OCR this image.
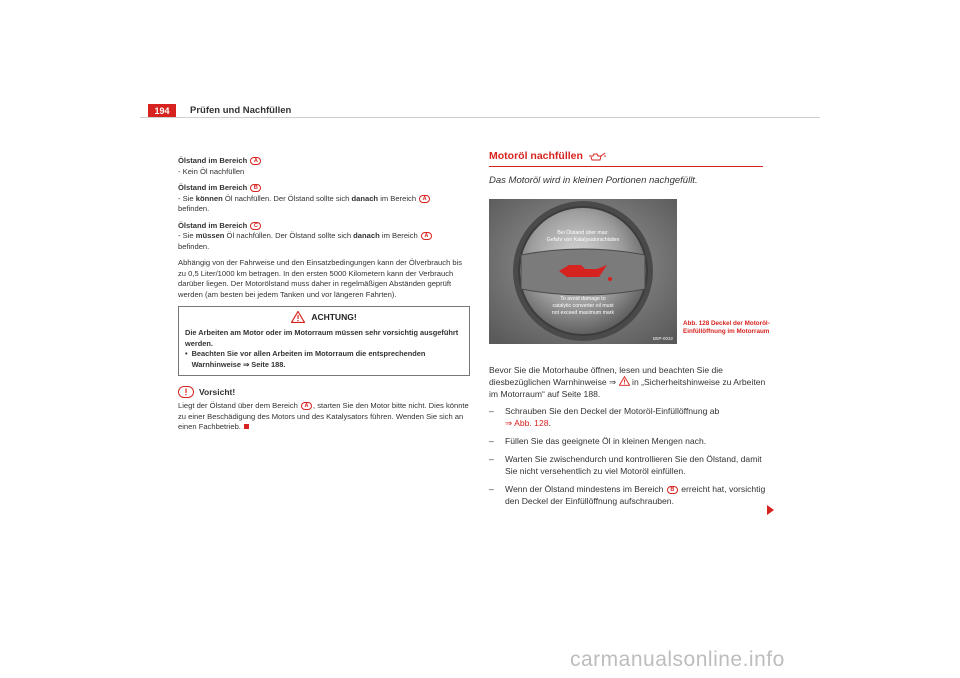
194	Prüfen und Nachfüllen

Ölstand im Bereich A
- Kein Öl nachfüllen

Ölstand im Bereich B
- Sie können Öl nachfüllen. Der Ölstand sollte sich danach im Bereich A
befinden.

Ölstand im Bereich C
- Sie müssen Öl nachfüllen. Der Ölstand sollte sich danach im Bereich A
befinden.

Abhängig von der Fahrweise und den Einsatzbedingungen kann der Ölverbrauch bis zu 0,5 Liter/1000 km betragen. In den ersten 5000 Kilometern kann der Verbrauch darüber liegen. Der Motorölstand muss daher in regelmäßigen Abständen geprüft werden (am besten bei jedem Tanken und vor längeren Fahrten).

ACHTUNG!
Die Arbeiten am Motor oder im Motorraum müssen sehr vorsichtig ausgeführt werden.
• Beachten Sie vor allen Arbeiten im Motorraum die entsprechenden Warnhinweise ⇒ Seite 188.
Vorsicht!

Liegt der Ölstand über dem Bereich A , starten Sie den Motor bitte nicht. Dies könnte zu einer Beschädigung des Motors und des Katalysators führen. Wenden Sie sich an einen Fachbetrieb.

Motoröl nachfüllen
Das Motoröl wird in kleinen Portionen nachgefüllt.
Bei Ölstand über max:
Gefahr von Katalysatorschäden
To avoid damage to
catalytic converter oil must
not exceed maximum mark
B5P-0032
Abb. 128 Deckel der Motoröl-Einfüllöffnung im Motorraum

Bevor Sie die Motorhaube öffnen, lesen und beachten Sie die diesbezüglichen Warnhinweise ⇒  in „Sicherheitshinweise zu Arbeiten im Motorraum“ auf Seite 188.

–	Schrauben Sie den Deckel der Motoröl-Einfüllöffnung ab
⇒ Abb. 128.
–	Füllen Sie das geeignete Öl in kleinen Mengen nach.
–	Warten Sie zwischendurch und kontrollieren Sie den Ölstand, damit Sie nicht versehentlich zu viel Motoröl einfüllen.
–	Wenn der Ölstand mindestens im Bereich B erreicht hat, vorsichtig den Deckel der Einfüllöffnung aufschrauben.
carmanualsonline.info
